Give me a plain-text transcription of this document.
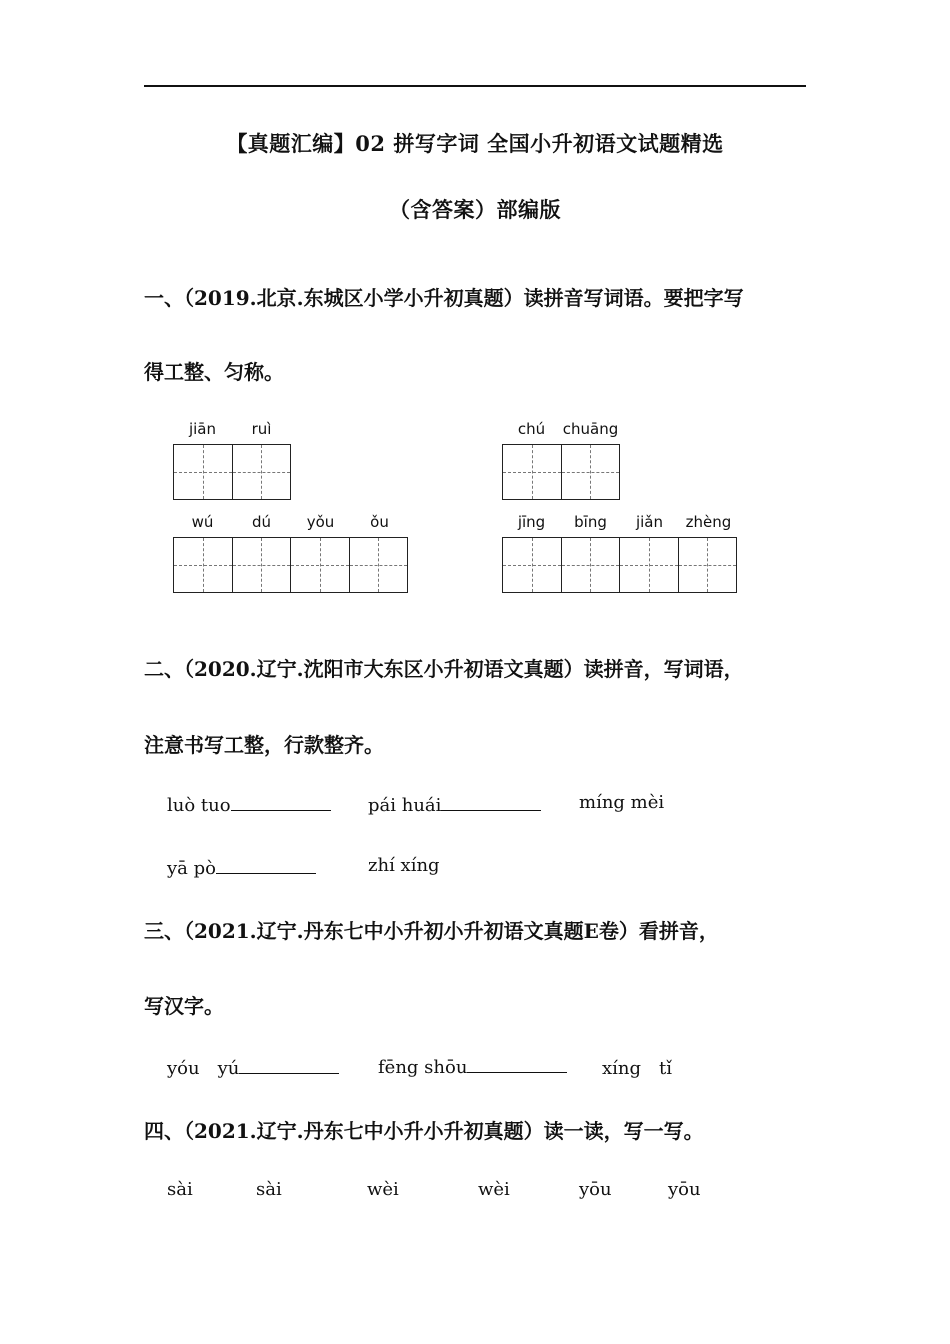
【真题汇编】02 拼写字词 全国小升初语文试题精选
（含答案）部编版
一、（2019.北京.东城区小学小升初真题）读拼音写词语。要把字写
得工整、匀称。
jiān	ruì	chú	chuāng
wú	dú	yǒu	ǒu	jīng	bīng	jiǎn	zhèng
二、（2020.辽宁.沈阳市大东区小升初语文真题）读拼音，写词语，
注意书写工整，行款整齐。
luò tuo	pái huái	míng mèi
yā pò	zhí xíng
三、（2021.辽宁.丹东七中小升初小升初语文真题E卷）看拼音，
写汉字。
yóu　yú	fēng shōu	xíng　tǐ
四、（2021.辽宁.丹东七中小升小升初真题）读一读，写一写。
sài	sài	wèi	wèi	yōu	yōu
